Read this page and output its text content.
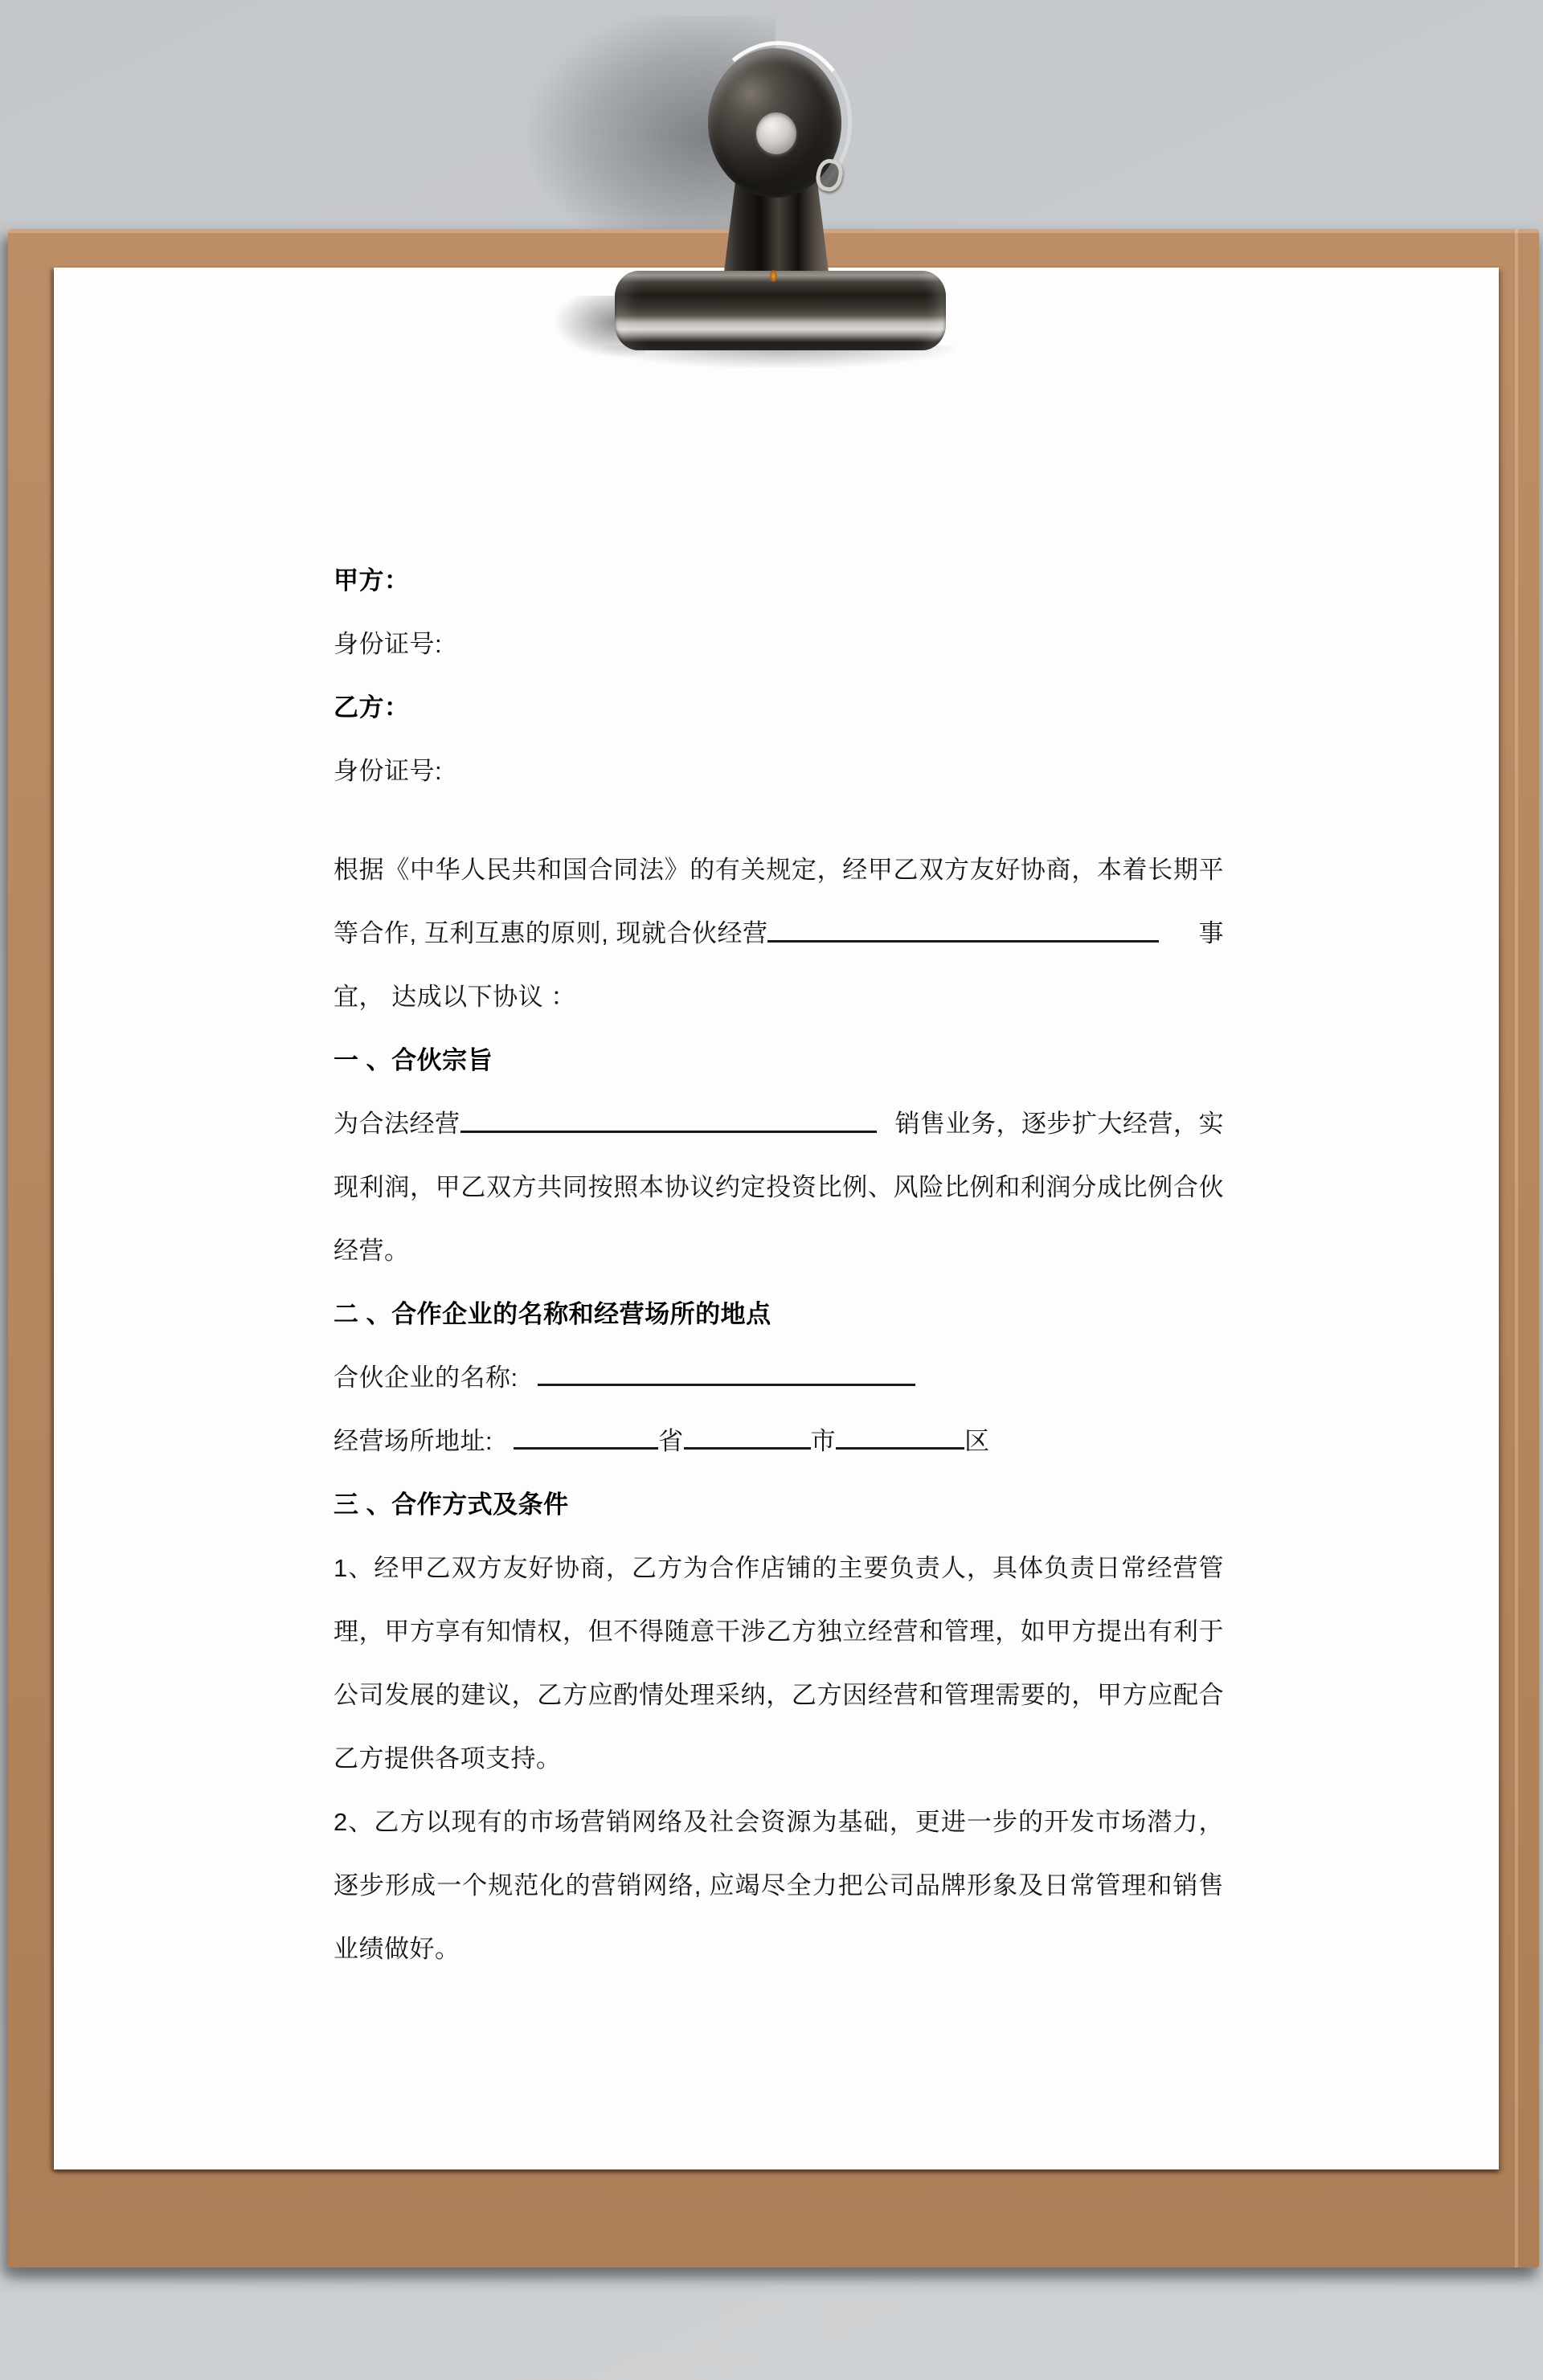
甲方：
身份证号:
乙方：
身份证号:
根据《中华人民共和国合同法》的有关规定，经甲乙双方友好协商，本着长期平
等合作, 互利互惠的原则, 现就合伙经营	事
宜， 达成以下协议 ：
一 、合伙宗旨
为合法经营	销售业务，逐步扩大经营，实
现利润，甲乙双方共同按照本协议约定投资比例、风险比例和利润分成比例合伙
经营。
二 、合作企业的名称和经营场所的地点
合伙企业的名称:
经营场所地址:	省	市	区
三 、合作方式及条件
1、经甲乙双方友好协商，乙方为合作店铺的主要负责人，具体负责日常经营管
理，甲方享有知情权，但不得随意干涉乙方独立经营和管理，如甲方提出有利于
公司发展的建议，乙方应酌情处理采纳，乙方因经营和管理需要的，甲方应配合
乙方提供各项支持。
2、乙方以现有的市场营销网络及社会资源为基础，更进一步的开发市场潜力，
逐步形成一个规范化的营销网络, 应竭尽全力把公司品牌形象及日常管理和销售
业绩做好。
